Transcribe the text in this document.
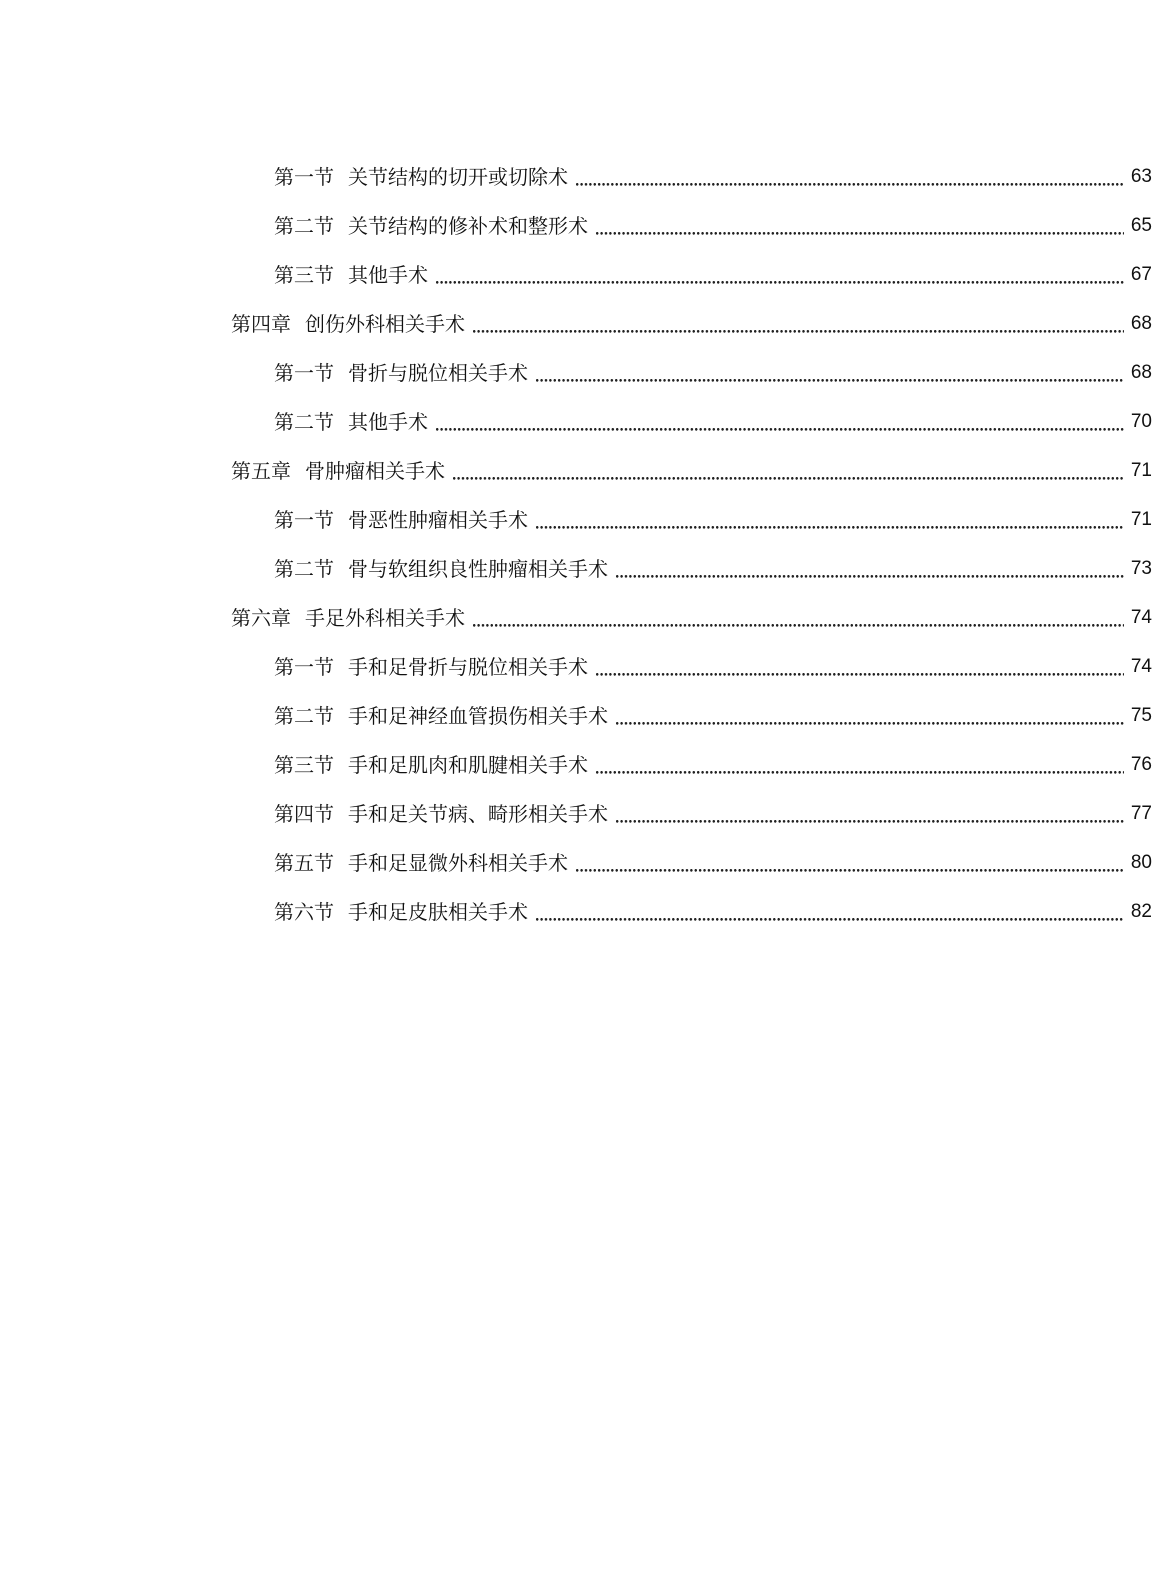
第一节 关节结构的切开或切除术	63
第二节 关节结构的修补术和整形术	65
第三节 其他手术	67
第四章 创伤外科相关手术	68
第一节 骨折与脱位相关手术	68
第二节 其他手术	70
第五章 骨肿瘤相关手术	71
第一节 骨恶性肿瘤相关手术	71
第二节 骨与软组织良性肿瘤相关手术	73
第六章 手足外科相关手术	74
第一节 手和足骨折与脱位相关手术	74
第二节 手和足神经血管损伤相关手术	75
第三节 手和足肌肉和肌腱相关手术	76
第四节 手和足关节病、畸形相关手术	77
第五节 手和足显微外科相关手术	80
第六节 手和足皮肤相关手术	82
